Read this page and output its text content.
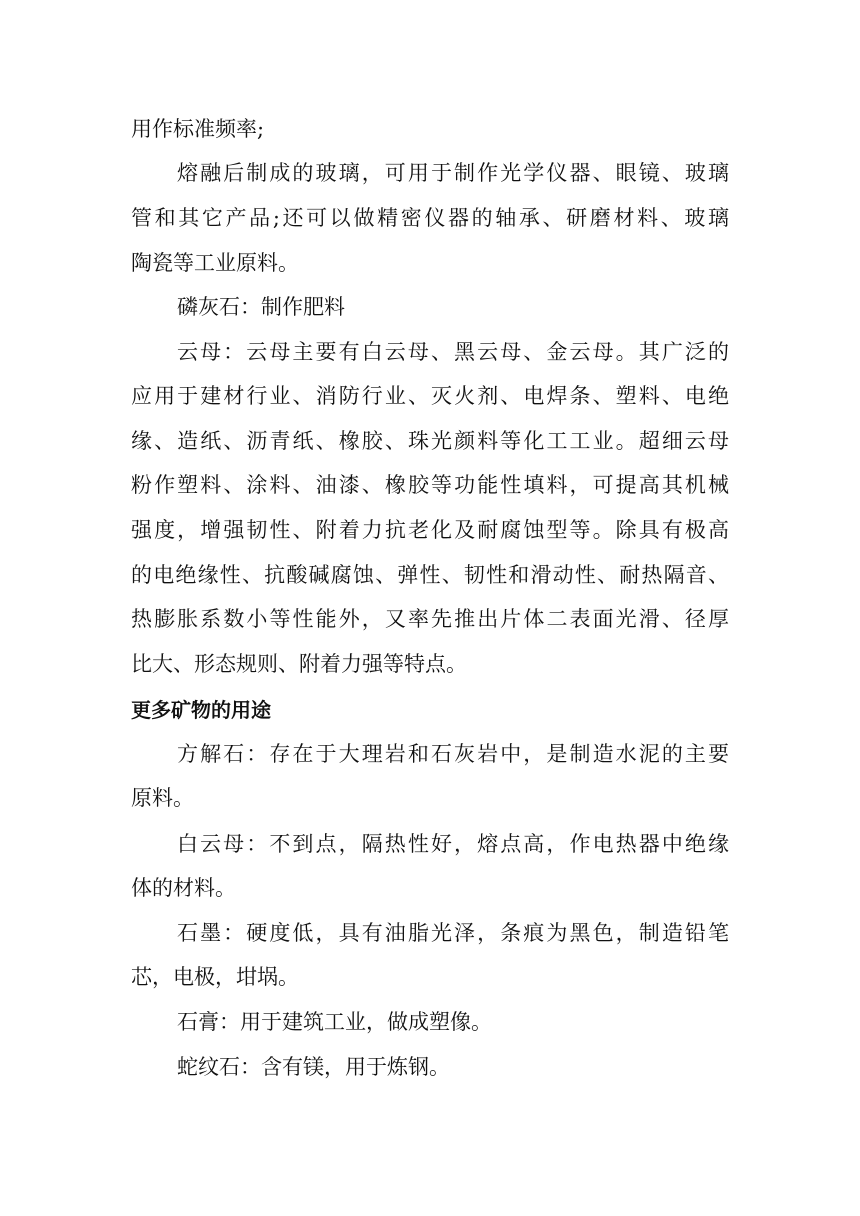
用作标准频率;
熔融后制成的玻璃，可用于制作光学仪器、眼镜、玻璃
管和其它产品;还可以做精密仪器的轴承、研磨材料、玻璃
陶瓷等工业原料。
磷灰石：制作肥料
云母：云母主要有白云母、黑云母、金云母。其广泛的
应用于建材行业、消防行业、灭火剂、电焊条、塑料、电绝
缘、造纸、沥青纸、橡胶、珠光颜料等化工工业。超细云母
粉作塑料、涂料、油漆、橡胶等功能性填料，可提高其机械
强度，增强韧性、附着力抗老化及耐腐蚀型等。除具有极高
的电绝缘性、抗酸碱腐蚀、弹性、韧性和滑动性、耐热隔音、
热膨胀系数小等性能外，又率先推出片体二表面光滑、径厚
比大、形态规则、附着力强等特点。
更多矿物的用途
方解石：存在于大理岩和石灰岩中，是制造水泥的主要
原料。
白云母：不到点，隔热性好，熔点高，作电热器中绝缘
体的材料。
石墨：硬度低，具有油脂光泽，条痕为黑色，制造铅笔
芯，电极，坩埚。
石膏：用于建筑工业，做成塑像。
蛇纹石：含有镁，用于炼钢。
